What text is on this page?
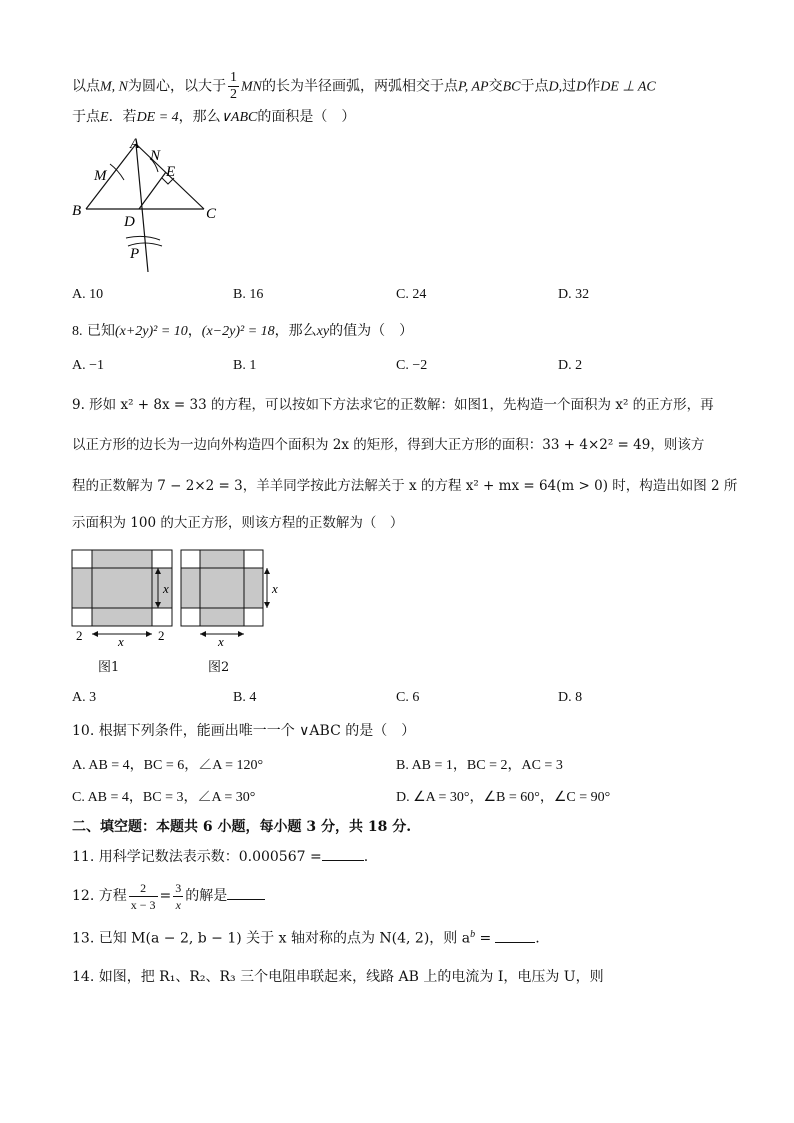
以点M, N为圆心，以大于 $\frac{1}{2}$ MN的长为半径画弧，两弧相交于点P, AP交BC于点D,过D作DE ⊥ AC
于点E．若DE = 4，那么∨ABC的面积是（　）
A
B	C
D
E
M
N
P
A. 10	B. 16	C. 24	D. 32
8. 已知(x+2y)² = 10，(x−2y)² = 18，那么xy的值为（　）
A. −1	B. 1	C. −2	D. 2
9. 形如 x² + 8x = 33 的方程，可以按如下方法求它的正数解：如图1，先构造一个面积为 x² 的正方形，再
以正方形的边长为一边向外构造四个面积为 2x 的矩形，得到大正方形的面积：33 + 4×2² = 49，则该方
程的正数解为 7 − 2×2 = 3，羊羊同学按此方法解关于 x 的方程 x² + mx = 64(m > 0) 时，构造出如图 2 所
示面积为 100 的大正方形，则该方程的正数解为（　）
x
2	2
x
图1
x
x
图2
A. 3	B. 4	C. 6	D. 8
10. 根据下列条件，能画出唯一一个 ∨ABC 的是（　）
A. AB = 4，BC = 6，∠A = 120°	B. AB = 1，BC = 2，AC = 3
C. AB = 4，BC = 3，∠A = 30°	D. ∠A = 30°，∠B = 60°，∠C = 90°
二、填空题：本题共 6 小题，每小题 3 分，共 18 分.
11. 用科学记数法表示数：0.000567 =	.
12. 方程 $\frac{2}{x - 3} = \frac{3}{x}$ 的解是
13. 已知 M(a − 2, b − 1) 关于 x 轴对称的点为 N(4, 2)，则 $a^b$ =	.
14. 如图，把 R₁、R₂、R₃ 三个电阻串联起来，线路 AB 上的电流为 I，电压为 U，则
